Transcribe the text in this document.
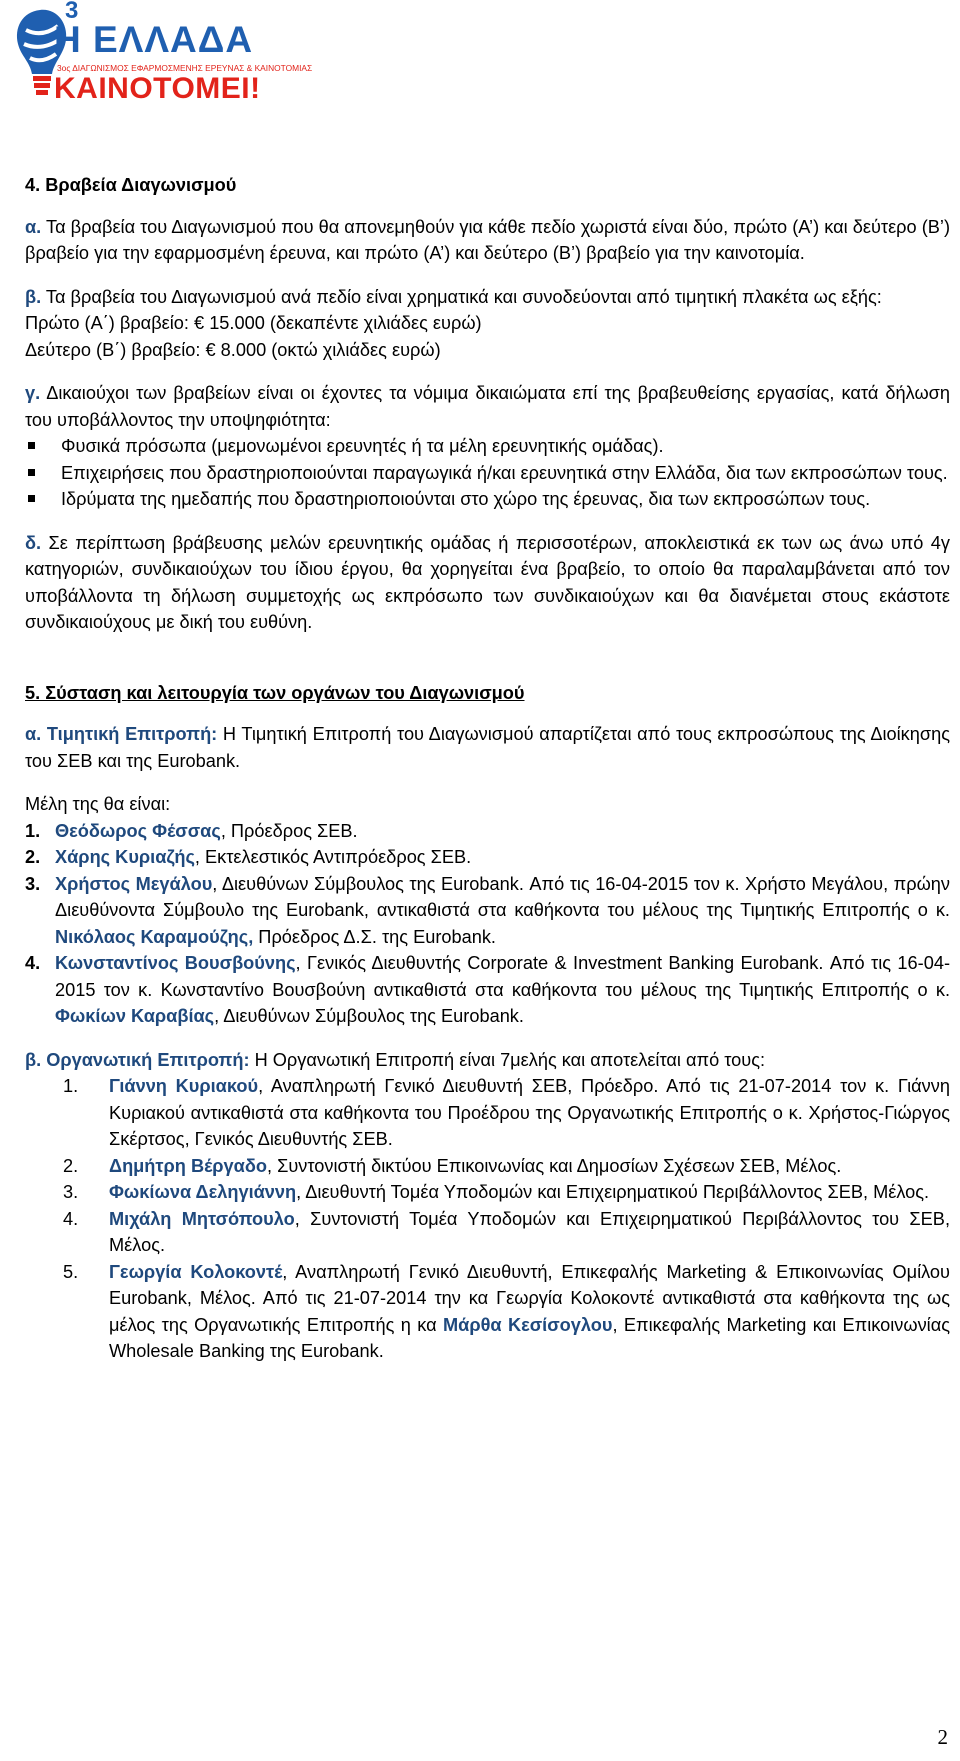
3
Η ΕΛΛΑΔΑ
3ος ΔΙΑΓΩΝΙΣΜΟΣ ΕΦΑΡΜΟΣΜΕΝΗΣ ΕΡΕΥΝΑΣ & ΚΑΙΝΟΤΟΜΙΑΣ
ΚΑΙΝΟΤΟΜΕΙ!

4. Βραβεία Διαγωνισμού

α. Τα βραβεία του Διαγωνισμού που θα απονεμηθούν για κάθε πεδίο χωριστά είναι δύο, πρώτο (Α’) και δεύτερο (Β’) βραβείο για την εφαρμοσμένη έρευνα, και πρώτο (Α’) και δεύτερο (Β’) βραβείο για την καινοτομία.

β. Τα βραβεία του Διαγωνισμού ανά πεδίο είναι χρηματικά και συνοδεύονται από τιμητική πλακέτα ως εξής:

Πρώτο (Α΄) βραβείο: € 15.000 (δεκαπέντε χιλιάδες ευρώ)

Δεύτερο (Β΄) βραβείο: € 8.000 (οκτώ χιλιάδες ευρώ)

γ. Δικαιούχοι των βραβείων είναι οι έχοντες τα νόμιμα δικαιώματα επί της βραβευθείσης εργασίας, κατά δήλωση του υποβάλλοντος την υποψηφιότητα:

Φυσικά πρόσωπα (μεμονωμένοι ερευνητές ή τα μέλη ερευνητικής ομάδας).
Επιχειρήσεις που δραστηριοποιούνται παραγωγικά ή/και ερευνητικά στην Ελλάδα, δια των εκπροσώπων τους.
Ιδρύματα της ημεδαπής που δραστηριοποιούνται στο χώρο της έρευνας, δια των εκπροσώπων τους.

δ. Σε περίπτωση βράβευσης μελών ερευνητικής ομάδας ή περισσοτέρων, αποκλειστικά εκ των ως άνω υπό 4γ κατηγοριών, συνδικαιούχων του ίδιου έργου, θα χορηγείται ένα βραβείο, το οποίο θα παραλαμβάνεται από τον υποβάλλοντα τη δήλωση συμμετοχής ως εκπρόσωπο των συνδικαιούχων και θα διανέμεται στους εκάστοτε συνδικαιούχους με δική του ευθύνη.

5. Σύσταση και λειτουργία των οργάνων του Διαγωνισμού

α. Τιμητική Επιτροπή: Η Τιμητική Επιτροπή του Διαγωνισμού απαρτίζεται από τους εκπροσώπους της Διοίκησης του ΣΕΒ και της Eurobank.

Μέλη της θα είναι:

1. Θεόδωρος Φέσσας, Πρόεδρος ΣΕΒ.
2. Χάρης Κυριαζής, Εκτελεστικός Αντιπρόεδρος ΣΕΒ.
3. Χρήστος Μεγάλου, Διευθύνων Σύμβουλος της Eurobank. Από τις 16-04-2015 τον κ. Χρήστο Μεγάλου, πρώην Διευθύνοντα Σύμβουλο της Eurobank, αντικαθιστά στα καθήκοντα του μέλους της Τιμητικής Επιτροπής ο κ. Νικόλαος Καραμούζης, Πρόεδρος Δ.Σ. της Eurobank.
4. Κωνσταντίνος Βουσβούνης, Γενικός Διευθυντής Corporate & Investment Banking Eurobank. Από τις 16-04-2015 τον κ. Κωνσταντίνο Βουσβούνη αντικαθιστά στα καθήκοντα του μέλους της Τιμητικής Επιτροπής ο κ. Φωκίων Καραβίας, Διευθύνων Σύμβουλος της Eurobank.

β. Οργανωτική Επιτροπή: Η Οργανωτική Επιτροπή είναι 7μελής και αποτελείται από τους:

1. Γιάννη Κυριακού, Αναπληρωτή Γενικό Διευθυντή ΣΕΒ, Πρόεδρο. Από τις 21-07-2014 τον κ. Γιάννη Κυριακού αντικαθιστά στα καθήκοντα του Προέδρου της Οργανωτικής Επιτροπής ο κ. Χρήστος-Γιώργος Σκέρτσος, Γενικός Διευθυντής ΣΕΒ.
2. Δημήτρη Βέργαδο, Συντονιστή δικτύου Επικοινωνίας και Δημοσίων Σχέσεων ΣΕΒ, Μέλος.
3. Φωκίωνα Δεληγιάννη, Διευθυντή Τομέα Υποδομών και Επιχειρηματικού Περιβάλλοντος ΣΕΒ, Μέλος.
4. Μιχάλη Μητσόπουλο, Συντονιστή Τομέα Υποδομών και Επιχειρηματικού Περιβάλλοντος του ΣΕΒ, Μέλος.
5. Γεωργία Κολοκοντέ, Αναπληρωτή Γενικό Διευθυντή, Επικεφαλής Marketing & Επικοινωνίας Ομίλου Eurobank, Μέλος. Από τις 21-07-2014 την κα Γεωργία Κολοκοντέ αντικαθιστά στα καθήκοντα της ως μέλος της Οργανωτικής Επιτροπής η κα Μάρθα Κεσίσογλου, Επικεφαλής Marketing και Επικοινωνίας Wholesale Banking της Eurobank.
2
